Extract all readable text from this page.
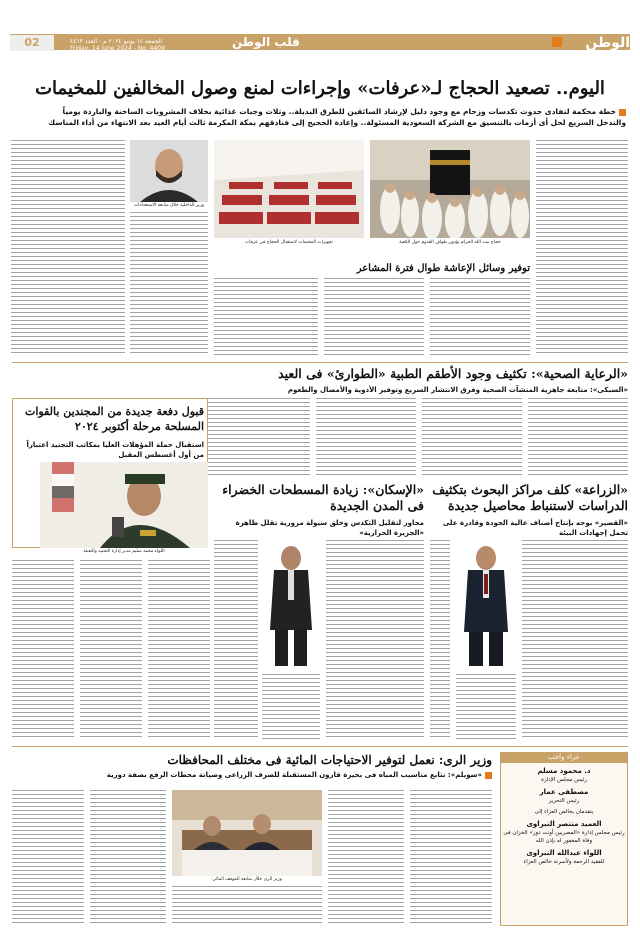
الوطن
قلب الوطن
الجمعة ١٤ يونيو ٢٠٢٤ م - العدد ٤٤١٣
Friday, 14 June 2024 - No. 4409
02
اليوم.. تصعيد الحجاج لـ«عرفات» وإجراءات لمنع وصول المخالفين للمخيمات
خطة محكمة لتفادى حدوث تكدسات وزحام مع وجود دليل لإرشاد السائقين للطرق البديلة.. وثلاث وجبات غذائية بخلاف المشروبات الساخنة والباردة يومياً
والتدخل السريع لحل أى أزمات بالتنسيق مع الشركة السعودية المسئولة.. وإعادة الحجيج إلى فنادقهم بمكة المكرمة ثالث أيام العيد بعد الانتهاء من أداء المناسك
حجاج بيت الله الحرام يؤدون طواف القدوم حول الكعبة
تجهيزات المخيمات لاستقبال الحجاج فى عرفات
وزير الداخلية خلال متابعة الاستعدادات
توفير وسائل الإعاشة طوال فترة المشاعر
«الرعاية الصحية»: تكثيف وجود الأطقم الطبية «الطوارئ» فى العيد
«السبكى»: متابعة جاهزية المنشآت الصحية وفرق الانتشار السريع وتوفير الأدوية والأمصال والطعوم
قبول دفعة جديدة من المجندين بالقوات المسلحة مرحلة أكتوبر ٢٠٢٤
استقبال حملة المؤهلات العليا بمكاتب التجنيد اعتباراً من أول أغسطس المقبل
اللواء محمد سليم مدير إدارة التجنيد والتعبئة
«الإسكان»: زيادة المسطحات الخضراء فى المدن الجديدة
محاور لتقليل التكدس وخلق سيولة مرورية تقلل ظاهرة «الجزيرة الحرارية»
«الزراعة» كلف مراكز البحوث بتكثيف الدراسات لاستنباط محاصيل جديدة
«القصير» يوجه بإنتاج أصناف عالية الجودة وقادرة على تحمل إجهادات البيئة
وزير الرى: نعمل لتوفير الاحتياجات المائية فى مختلف المحافظات
«سويلم»: نتابع مناسيب المياه فى بحيرة قارون المستقبلة للصرف الزراعى وصيانة محطات الرفع بصفة دورية
وزير الرى خلال متابعة الموقف المائى
عزاء واجب
د. محمود مسلم
رئيس مجلس الإدارة
مصطفى عمار
رئيس التحرير
يتقدمان بخالص العزاء إلى
العميد منتصر النبراوى
رئيس مجلس إدارة «المصريين أونت دور» الخزان فى وفاة المغفور له بإذن الله
اللواء عبدالله النبراوى
للفقيد الرحمة ولأسرته خالص العزاء
